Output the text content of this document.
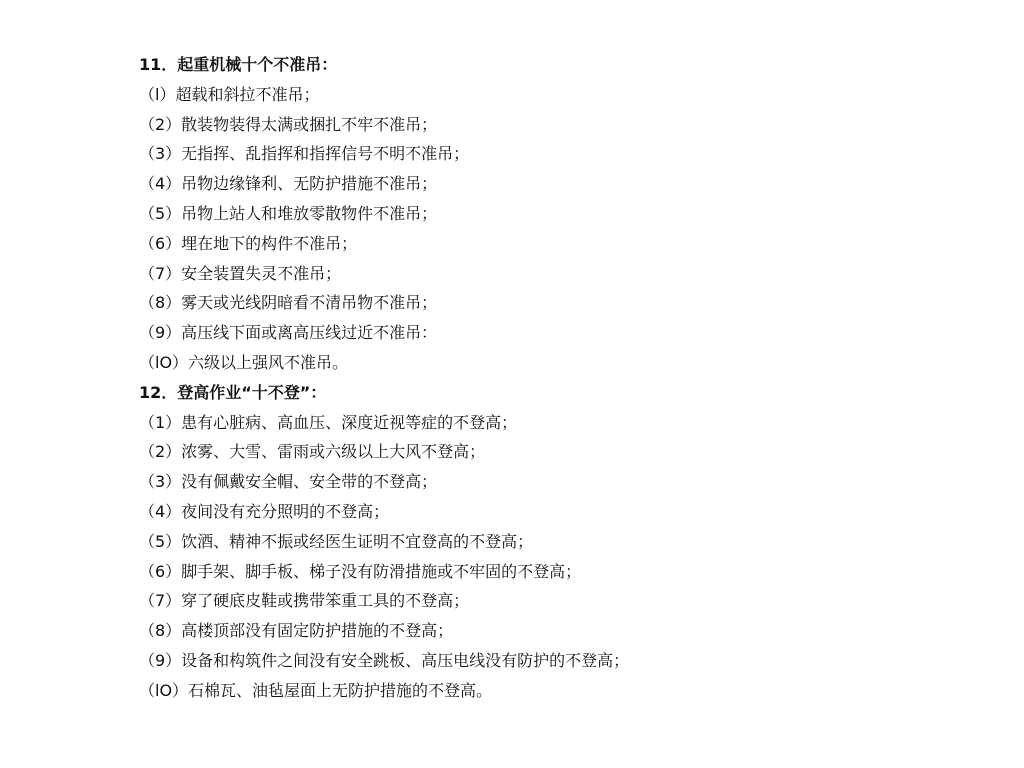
11．起重机械十个不准吊：
（l）超载和斜拉不准吊；
（2）散装物装得太满或捆扎不牢不准吊；
（3）无指挥、乱指挥和指挥信号不明不准吊；
（4）吊物边缘锋利、无防护措施不准吊；
（5）吊物上站人和堆放零散物件不准吊；
（6）埋在地下的构件不准吊；
（7）安全装置失灵不准吊；
（8）雾天或光线阴暗看不清吊物不准吊；
（9）高压线下面或离高压线过近不准吊：
（lO）六级以上强风不准吊。
12．登高作业“十不登”：
（1）患有心脏病、高血压、深度近视等症的不登高；
（2）浓雾、大雪、雷雨或六级以上大风不登高；
（3）没有佩戴安全帽、安全带的不登高；
（4）夜间没有充分照明的不登高；
（5）饮酒、精神不振或经医生证明不宜登高的不登高；
（6）脚手架、脚手板、梯子没有防滑措施或不牢固的不登高；
（7）穿了硬底皮鞋或携带笨重工具的不登高；
（8）高楼顶部没有固定防护措施的不登高；
（9）设备和构筑件之间没有安全跳板、高压电线没有防护的不登高；
（lO）石棉瓦、油毡屋面上无防护措施的不登高。
